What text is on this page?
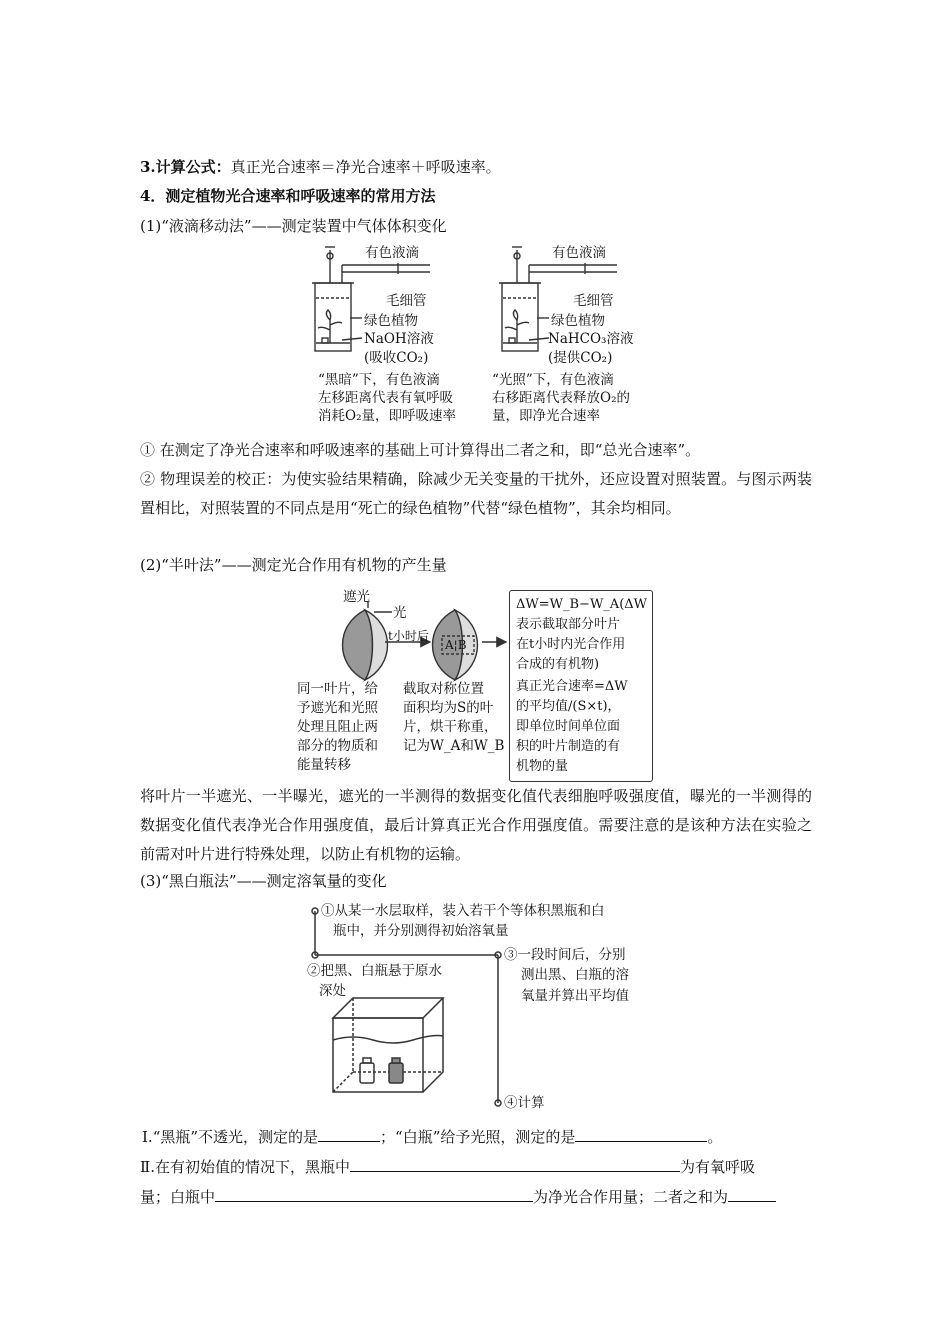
3.计算公式：真正光合速率＝净光合速率＋呼吸速率。
4．测定植物光合速率和呼吸速率的常用方法
(1)“液滴移动法”——测定装置中气体体积变化
有色液滴
毛细管
绿色植物
NaOH溶液
(吸收CO₂)
“黑暗”下，有色液滴
左移距离代表有氧呼吸
消耗O₂量，即呼吸速率
有色液滴
毛细管
绿色植物
NaHCO₃溶液
(提供CO₂)
“光照”下，有色液滴
右移距离代表释放O₂的
量，即净光合速率
① 在测定了净光合速率和呼吸速率的基础上可计算得出二者之和，即“总光合速率”。
② 物理误差的校正：为使实验结果精确，除减少无关变量的干扰外，还应设置对照装置。与图示两装置相比，对照装置的不同点是用“死亡的绿色植物”代替“绿色植物”，其余均相同。
(2)“半叶法”——测定光合作用有机物的产生量
遮光
光
t小时后
A¦B
同一叶片，给
予遮光和光照
处理且阻止两
部分的物质和
能量转移
截取对称位置
面积均为S的叶
片，烘干称重，
记为W_A和W_B
ΔW=W_B−W_A(ΔW
表示截取部分叶片
在t小时内光合作用
合成的有机物)
真正光合速率=ΔW
的平均值/(S×t)，
即单位时间单位面
积的叶片制造的有
机物的量
将叶片一半遮光、一半曝光，遮光的一半测得的数据变化值代表细胞呼吸强度值，曝光的一半测得的数据变化值代表净光合作用强度值，最后计算真正光合作用强度值。需要注意的是该种方法在实验之前需对叶片进行特殊处理，以防止有机物的运输。
(3)“黑白瓶法”——测定溶氧量的变化
①从某一水层取样，装入若干个等体积黑瓶和白
瓶中，并分别测得初始溶氧量
②把黑、白瓶悬于原水
深处
③一段时间后，分别
测出黑、白瓶的溶
氧量并算出平均值
④计算
Ⅰ.“黑瓶”不透光，测定的是	；“白瓶”给予光照，测定的是	。
Ⅱ.在有初始值的情况下，黑瓶中	为有氧呼吸
量；白瓶中	为净光合作用量；二者之和为
